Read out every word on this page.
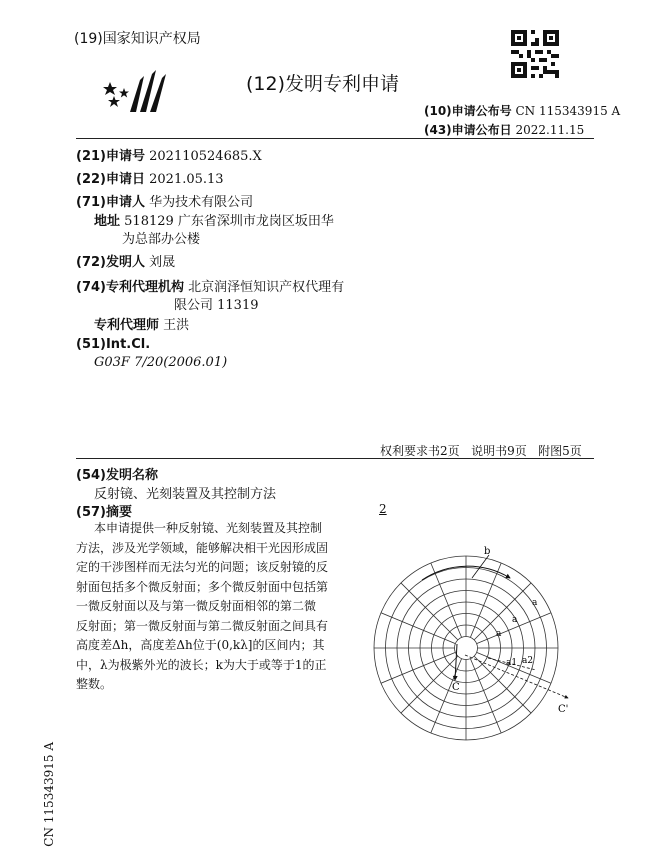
(19)国家知识产权局
(12)发明专利申请
(10)申请公布号 CN 115343915 A
(43)申请公布日 2022.11.15
(21)申请号 202110524685.X
(22)申请日 2021.05.13
(71)申请人 华为技术有限公司
地址 518129 广东省深圳市龙岗区坂田华
为总部办公楼
(72)发明人 刘晟
(74)专利代理机构 北京润泽恒知识产权代理有
限公司 11319
专利代理师 王洪
(51)Int.Cl.
G03F 7/20(2006.01)
权利要求书2页   说明书9页   附图5页
(54)发明名称
反射镜、光刻装置及其控制方法
(57)摘要

本申请提供一种反射镜、光刻装置及其控制

方法，涉及光学领域，能够解决相干光因形成固

定的干涉图样而无法匀光的问题；该反射镜的反

射面包括多个微反射面；多个微反射面中包括第

一微反射面以及与第一微反射面相邻的第二微

反射面；第一微反射面与第二微反射面之间具有

高度差Δh，高度差Δh位于(0,kλ]的区间内；其

中，λ为极紫外光的波长；k为大于或等于1的正

整数。

2
b
a
a
a
a1 a2
C
C'
CN 115343915 A
